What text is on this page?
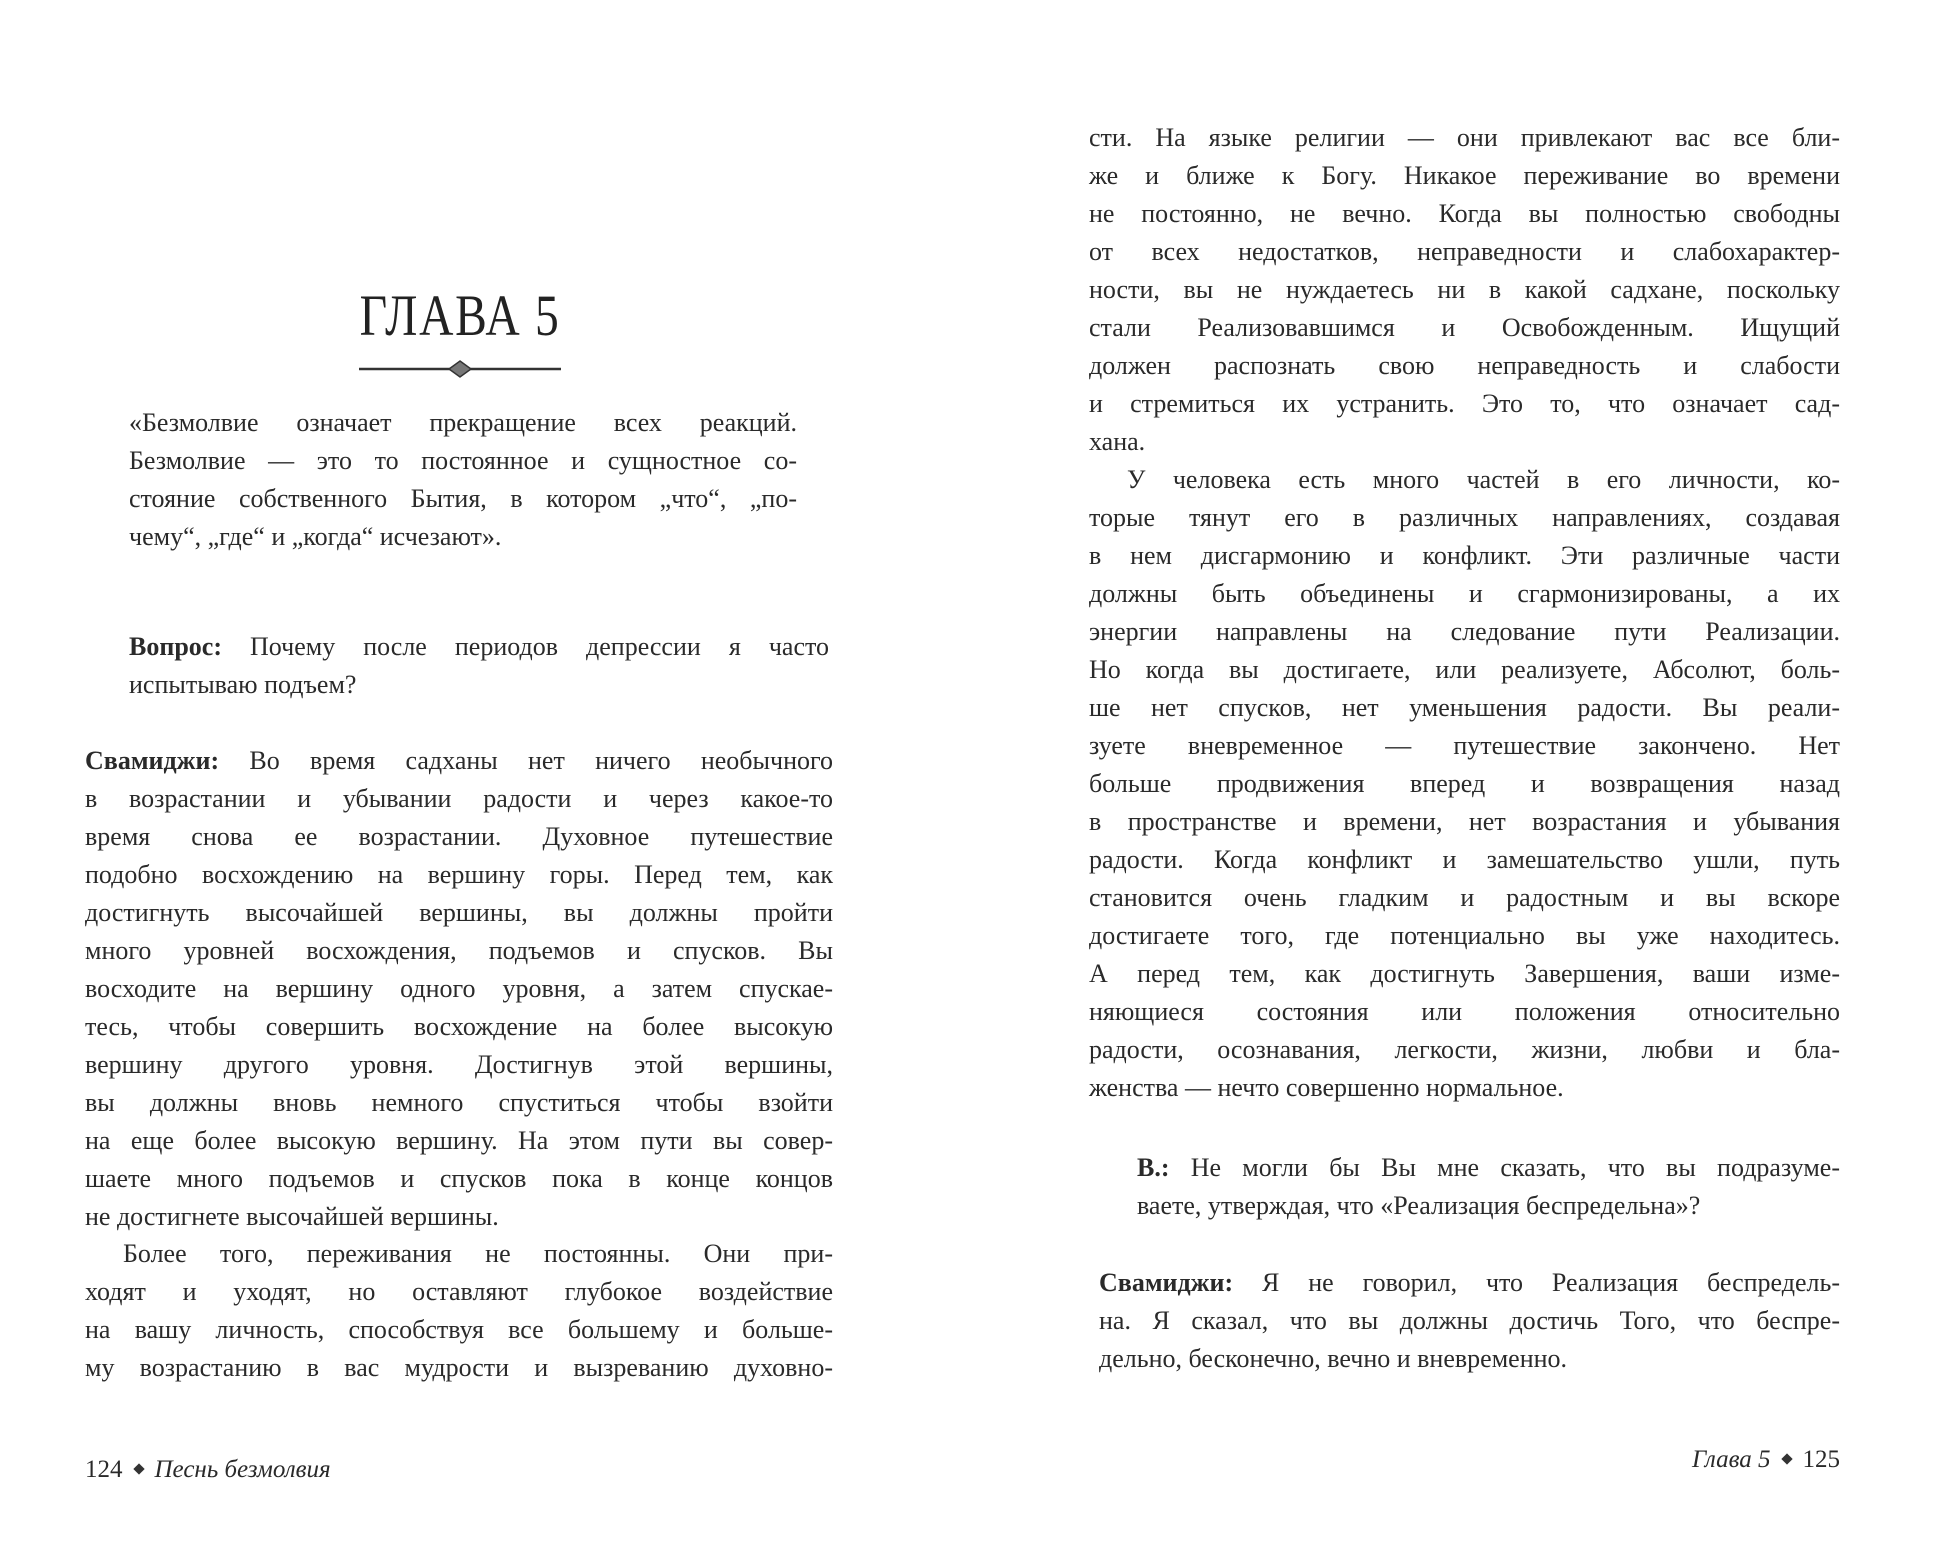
ГЛАВА 5
«Безмолвие означает прекращение всех реакций.
Безмолвие — это то постоянное и сущностное со-
стояние собственного Бытия, в котором „что“, „по-
чему“, „где“ и „когда“ исчезают».
Вопрос: Почему после периодов депрессии я часто
испытываю подъем?
Свамиджи: Во время садханы нет ничего необычного
в возрастании и убывании радости и через какое-то
время снова ее возрастании. Духовное путешествие
подобно восхождению на вершину горы. Перед тем, как
достигнуть высочайшей вершины, вы должны пройти
много уровней восхождения, подъемов и спусков. Вы
восходите на вершину одного уровня, а затем спускае-
тесь, чтобы совершить восхождение на более высокую
вершину другого уровня. Достигнув этой вершины,
вы должны вновь немного спуститься чтобы взойти
на еще более высокую вершину. На этом пути вы совер-
шаете много подъемов и спусков пока в конце концов
не достигнете высочайшей вершины.
Более того, переживания не постоянны. Они при-
ходят и уходят, но оставляют глубокое воздействие
на вашу личность, способствуя все большему и больше-
му возрастанию в вас мудрости и вызреванию духовно-
124 Песнь безмолвия
сти. На языке религии — они привлекают вас все бли-
же и ближе к Богу. Никакое переживание во времени
не постоянно, не вечно. Когда вы полностью свободны
от всех недостатков, неправедности и слабохарактер-
ности, вы не нуждаетесь ни в какой садхане, поскольку
стали Реализовавшимся и Освобожденным. Ищущий
должен распознать свою неправедность и слабости
и стремиться их устранить. Это то, что означает сад-
хана.
У человека есть много частей в его личности, ко-
торые тянут его в различных направлениях, создавая
в нем дисгармонию и конфликт. Эти различные части
должны быть объединены и сгармонизированы, а их
энергии направлены на следование пути Реализации.
Но когда вы достигаете, или реализуете, Абсолют, боль-
ше нет спусков, нет уменьшения радости. Вы реали-
зуете вневременное — путешествие закончено. Нет
больше продвижения вперед и возвращения назад
в пространстве и времени, нет возрастания и убывания
радости. Когда конфликт и замешательство ушли, путь
становится очень гладким и радостным и вы вскоре
достигаете того, где потенциально вы уже находитесь.
А перед тем, как достигнуть Завершения, ваши изме-
няющиеся состояния или положения относительно
радости, осознавания, легкости, жизни, любви и бла-
женства — нечто совершенно нормальное.
В.: Не могли бы Вы мне сказать, что вы подразуме-
ваете, утверждая, что «Реализация беспредельна»?
Свамиджи: Я не говорил, что Реализация беспредель-
на. Я сказал, что вы должны достичь Того, что беспре-
дельно, бесконечно, вечно и вневременно.
Глава 5 125
